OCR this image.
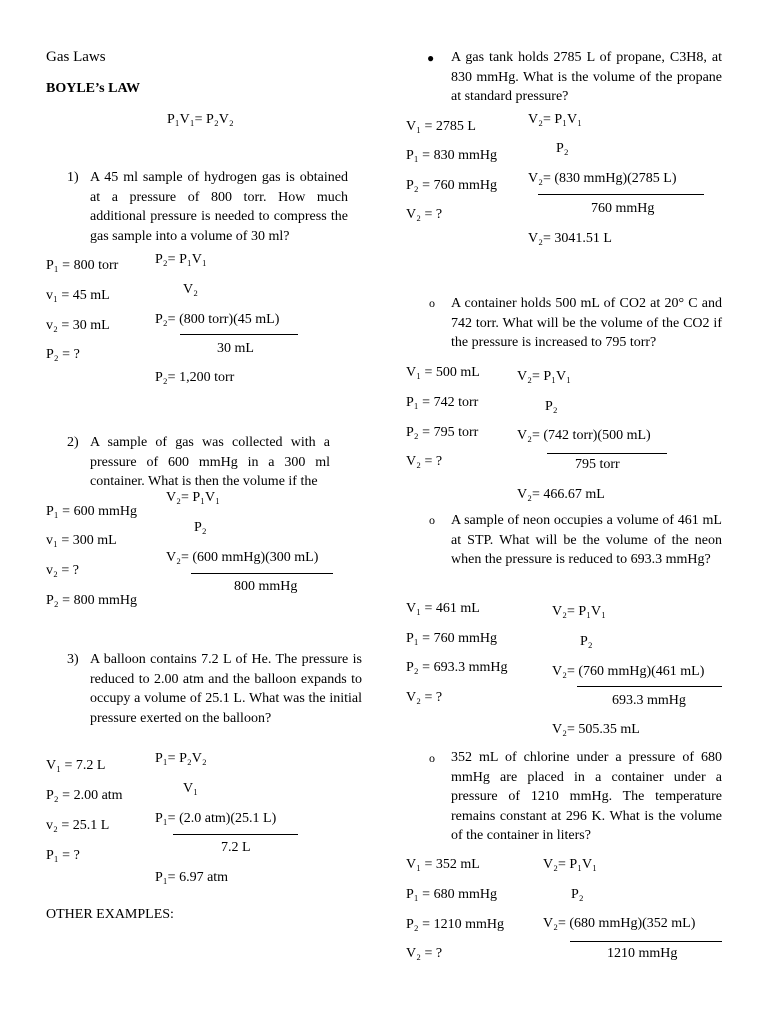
Gas Laws
BOYLE’s LAW
P₁V₁= P₂V₂
1) A 45 ml sample of hydrogen gas is obtained at a pressure of 800 torr. How much additional pressure is needed to compress the gas sample into a volume of 30 ml?
P₁ = 800 torr
v₁ = 45 mL
v₂ = 30 mL
P₂ = ?
P₂= P₁V₁
V₂
P₂= (800 torr)(45 mL)
30 mL
P₂= 1,200 torr
2) A sample of gas was collected with a pressure of 600 mmHg in a 300 ml container. What is then the volume if the
V₂= P₁V₁
P₁ = 600 mmHg
P₂
v₁ = 300 mL
V₂= (600 mmHg)(300 mL)
v₂ = ?
800 mmHg
P₂ = 800 mmHg
3) A balloon contains 7.2 L of He. The pressure is reduced to 2.00 atm and the balloon expands to occupy a volume of 25.1 L. What was the initial pressure exerted on the balloon?
V₁ = 7.2 L
P₂ = 2.00 atm
v₂ = 25.1 L
P₁ = ?
P₁= P₂V₂
V₁
P₁= (2.0 atm)(25.1 L)
7.2 L
P₁= 6.97 atm
OTHER EXAMPLES:
● A gas tank holds 2785 L of propane, C3H8, at 830 mmHg. What is the volume of the propane at standard pressure?
V₁ = 2785 L
P₁ = 830 mmHg
P₂ = 760 mmHg
V₂ = ?
V₂= P₁V₁
P₂
V₂= (830 mmHg)(2785 L)
760 mmHg
V₂= 3041.51 L
o A container holds 500 mL of CO2 at 20° C and 742 torr. What will be the volume of the CO2 if the pressure is increased to 795 torr?
V₁ = 500 mL
P₁ = 742 torr
P₂ = 795 torr
V₂ = ?
V₂= P₁V₁
P₂
V₂= (742 torr)(500 mL)
795 torr
V₂= 466.67 mL
o A sample of neon occupies a volume of 461 mL at STP. What will be the volume of the neon when the pressure is reduced to 693.3 mmHg?
V₁ = 461 mL
P₁ = 760 mmHg
P₂ = 693.3 mmHg
V₂ = ?
V₂= P₁V₁
P₂
V₂= (760 mmHg)(461 mL)
693.3 mmHg
V₂= 505.35 mL
o 352 mL of chlorine under a pressure of 680 mmHg are placed in a container under a pressure of 1210 mmHg. The temperature remains constant at 296 K. What is the volume of the container in liters?
V₁ = 352 mL
P₁ = 680 mmHg
P₂ = 1210 mmHg
V₂ = ?
V₂= P₁V₁
P₂
V₂= (680 mmHg)(352 mL)
1210 mmHg
